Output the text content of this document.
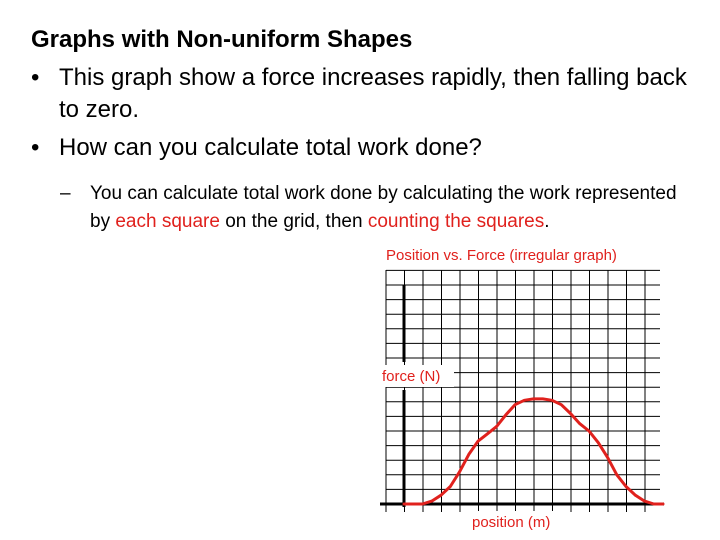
Graphs with Non-uniform Shapes
• This graph show a force increases rapidly, then falling back to zero.
• How can you calculate total work done?

– You can calculate total work done by calculating the work represented by each square on the grid, then counting the squares.

Position vs. Force (irregular graph)
force (N)
position (m)
